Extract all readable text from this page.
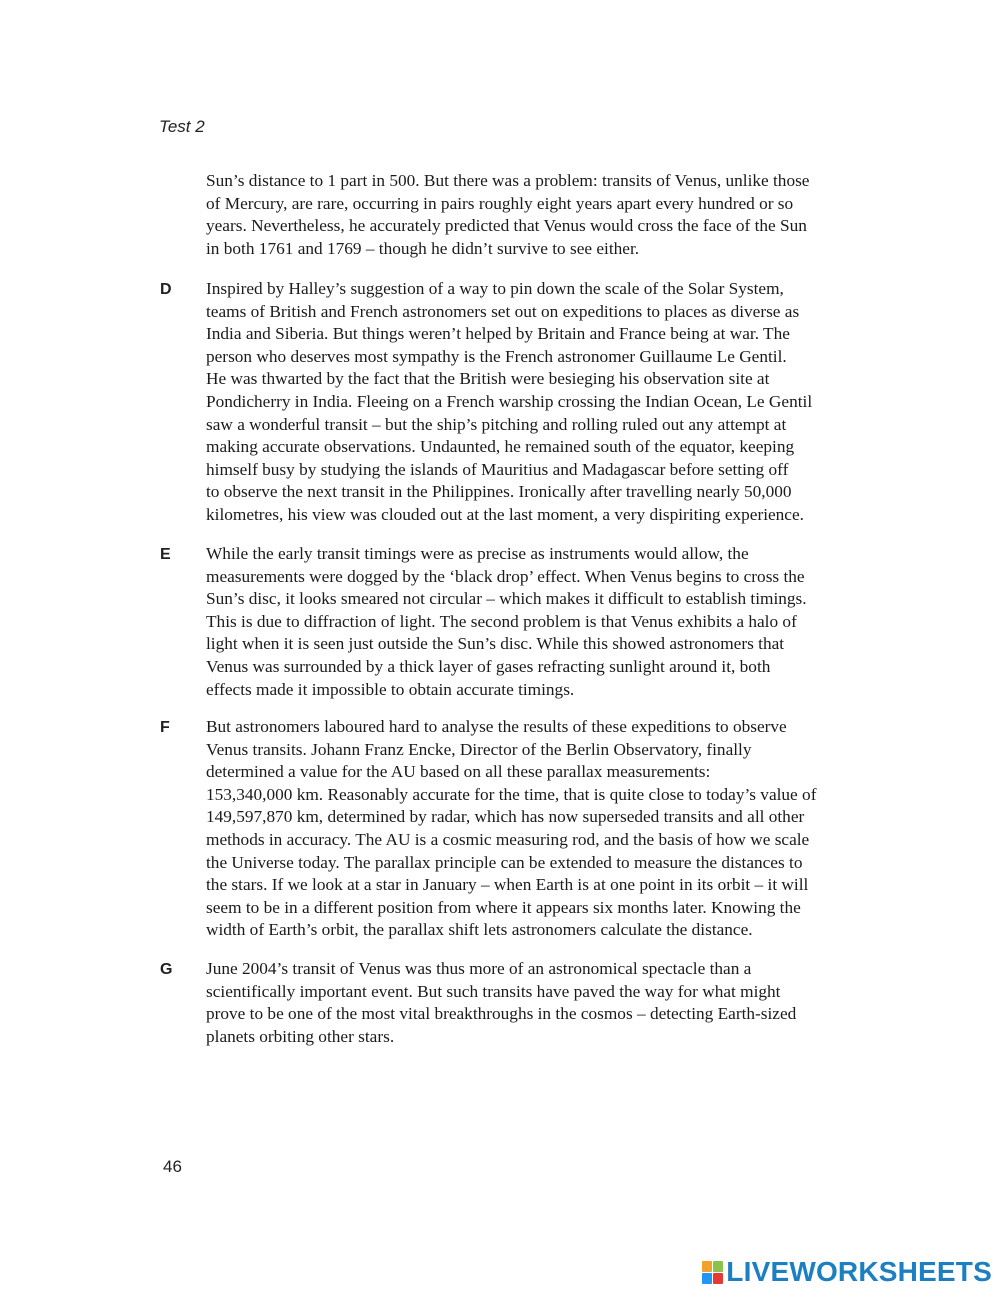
Test 2
Sun’s distance to 1 part in 500. But there was a problem: transits of Venus, unlike those
of Mercury, are rare, occurring in pairs roughly eight years apart every hundred or so
years. Nevertheless, he accurately predicted that Venus would cross the face of the Sun
in both 1761 and 1769 – though he didn’t survive to see either.
D Inspired by Halley’s suggestion of a way to pin down the scale of the Solar System,
teams of British and French astronomers set out on expeditions to places as diverse as
India and Siberia. But things weren’t helped by Britain and France being at war. The
person who deserves most sympathy is the French astronomer Guillaume Le Gentil.
He was thwarted by the fact that the British were besieging his observation site at
Pondicherry in India. Fleeing on a French warship crossing the Indian Ocean, Le Gentil
saw a wonderful transit – but the ship’s pitching and rolling ruled out any attempt at
making accurate observations. Undaunted, he remained south of the equator, keeping
himself busy by studying the islands of Mauritius and Madagascar before setting off
to observe the next transit in the Philippines. Ironically after travelling nearly 50,000
kilometres, his view was clouded out at the last moment, a very dispiriting experience.
E While the early transit timings were as precise as instruments would allow, the
measurements were dogged by the ‘black drop’ effect. When Venus begins to cross the
Sun’s disc, it looks smeared not circular – which makes it difficult to establish timings.
This is due to diffraction of light. The second problem is that Venus exhibits a halo of
light when it is seen just outside the Sun’s disc. While this showed astronomers that
Venus was surrounded by a thick layer of gases refracting sunlight around it, both
effects made it impossible to obtain accurate timings.
F But astronomers laboured hard to analyse the results of these expeditions to observe
Venus transits. Johann Franz Encke, Director of the Berlin Observatory, finally
determined a value for the AU based on all these parallax measurements:
153,340,000 km. Reasonably accurate for the time, that is quite close to today’s value of
149,597,870 km, determined by radar, which has now superseded transits and all other
methods in accuracy. The AU is a cosmic measuring rod, and the basis of how we scale
the Universe today. The parallax principle can be extended to measure the distances to
the stars. If we look at a star in January – when Earth is at one point in its orbit – it will
seem to be in a different position from where it appears six months later. Knowing the
width of Earth’s orbit, the parallax shift lets astronomers calculate the distance.
G June 2004’s transit of Venus was thus more of an astronomical spectacle than a
scientifically important event. But such transits have paved the way for what might
prove to be one of the most vital breakthroughs in the cosmos – detecting Earth-sized
planets orbiting other stars.
46
LIVEWORKSHEETS
